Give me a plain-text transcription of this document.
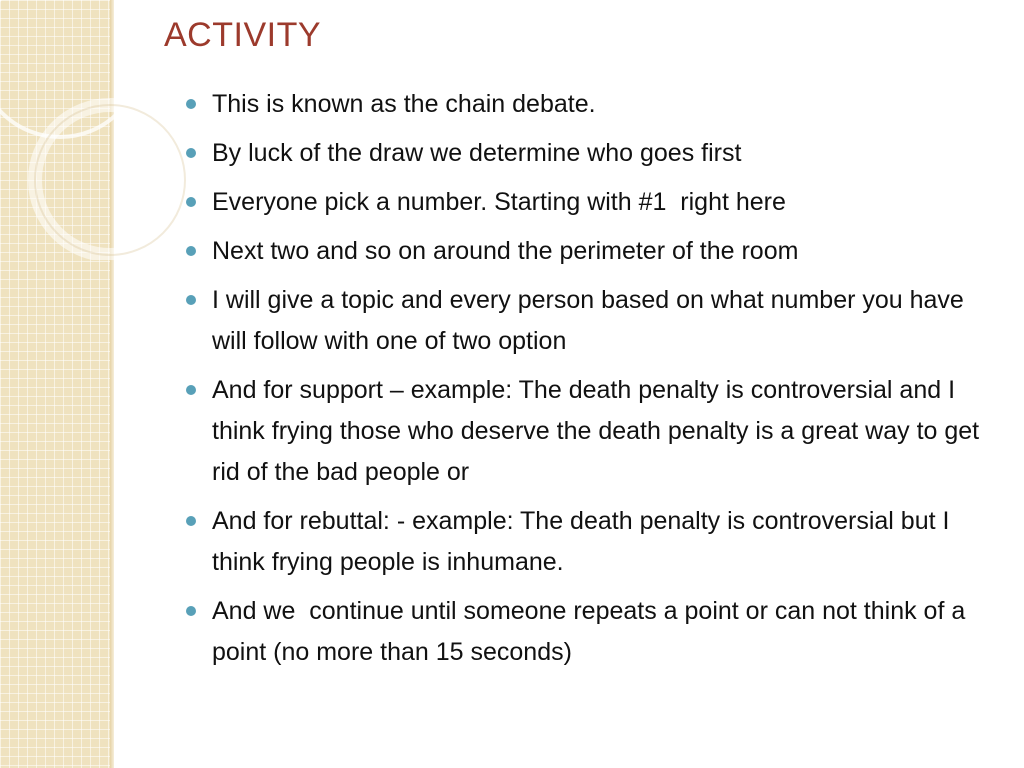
ACTIVITY
This is known as the chain debate.
By luck of the draw we determine who goes first
Everyone pick a number. Starting with #1  right here
Next two and so on around the perimeter of the room
I will give a topic and every person based on what number you have will follow with one of two option
And for support – example: The death penalty is controversial and I think frying those who deserve the death penalty is a great way to get rid of the bad people or
And for rebuttal: - example: The death penalty is controversial but I think frying people is inhumane.
And we  continue until someone repeats a point or can not think of a point (no more than 15 seconds)
